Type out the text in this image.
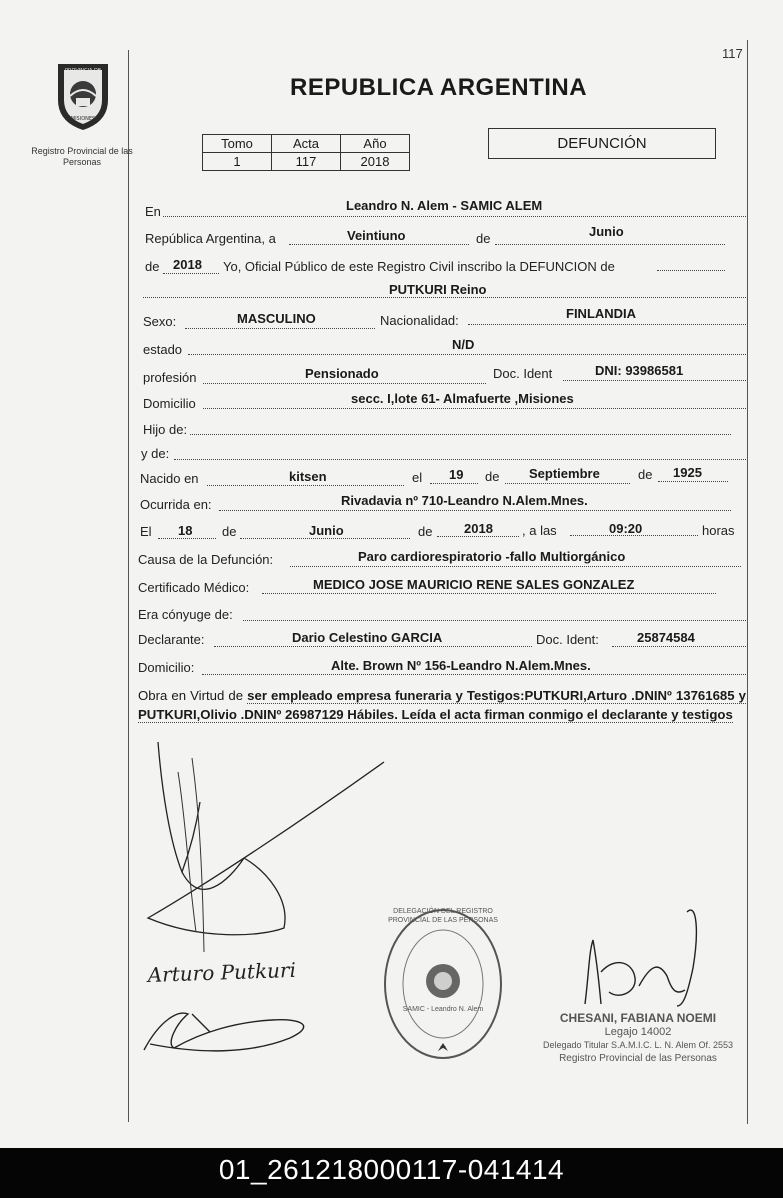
117
PROVINCIA DE
MISIONES
Registro Provincial de las Personas
REPUBLICA ARGENTINA
Tomo	Acta	Año
1	117	2018
DEFUNCIÓN
En	Leandro N. Alem - SAMIC ALEM
República Argentina, a	Veintiuno	de	Junio
de 2018 Yo, Oficial Público de este Registro Civil inscribo la DEFUNCION de
PUTKURI Reino
Sexo:	MASCULINO	Nacionalidad:	FINLANDIA
estado	N/D
profesión	Pensionado	Doc. Ident	DNI: 93986581
Domicilio	secc. I,lote 61- Almafuerte ,Misiones
Hijo de:
y de:
Nacido en	kitsen	el 19 de Septiembre	de 1925
Ocurrida en:	Rivadavia nº 710-Leandro N.Alem.Mnes.
El 18 de	Junio	de 2018 , a las	09:20	horas
Causa de la Defunción:	Paro cardiorespiratorio -fallo Multiorgánico
Certificado Médico:	MEDICO JOSE MAURICIO RENE SALES GONZALEZ
Era cónyuge de:
Declarante:	Dario Celestino GARCIA	Doc. Ident:	25874584
Domicilio:	Alte. Brown Nº 156-Leandro N.Alem.Mnes.
Obra en Virtud de ser empleado empresa funeraria y Testigos:PUTKURI,Arturo .DNINº 13761685 y PUTKURI,Olivio .DNINº 26987129 Hábiles. Leída el acta firman conmigo el declarante y testigos
Arturo Putkuri
DELEGACIÓN DEL REGISTRO PROVINCIAL DE LAS PERSONAS
SAMIC - Leandro N. Alem
CHESANI, FABIANA NOEMI
Legajo 14002
Delegado Titular S.A.M.I.C. L. N. Alem Of. 2553
Registro Provincial de las Personas
01_261218000117-041414
